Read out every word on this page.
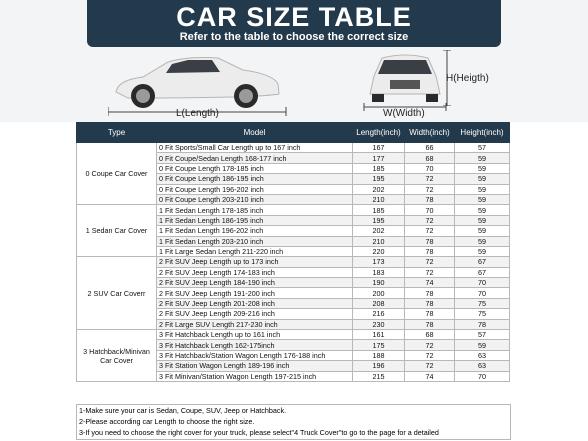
CAR SIZE TABLE
Refer to the table to choose the correct size
L(Length)
H(Heigth)
W(Width)
Type	Model	Length(inch)	Width(inch)	Height(inch)
0 Coupe Car Cover	0 Fit Sports/Small Car Length up to 167 inch	167	66	57
	0 Fit Coupe/Sedan Length 168-177 inch	177	68	59
	0 Fit Coupe Length 178-185 inch	185	70	59
	0 Fit Coupe Length 186-195 inch	195	72	59
	0 Fit Coupe Length 196-202 inch	202	72	59
	0 Fit Coupe Length 203-210 inch	210	78	59
1 Sedan Car Cover	1 Fit Sedan Length 178-185 inch	185	70	59
	1 Fit Sedan Length 186-195 inch	195	72	59
	1 Fit Sedan Length 196-202 inch	202	72	59
	1 Fit Sedan Length 203-210 inch	210	78	59
	1 Fit Large Sedan Length 211-220 inch	220	78	59
2 SUV Car Coverr	2 Fit SUV Jeep Length up to 173 inch	173	72	67
	2 Fit SUV Jeep Length 174-183 inch	183	72	67
	2 Fit SUV Jeep Length 184-190 inch	190	74	70
	2 Fit SUV Jeep Length 191-200 inch	200	78	70
	2 Fit SUV Jeep Length 201-208 inch	208	78	75
	2 Fit SUV Jeep Length 209-216 inch	216	78	75
	2 Fit Large SUV Length 217-230 inch	230	78	78
3 Hatchback/Minivan Car Cover	3 Fit Hatchback Length up to 161 inch	161	68	57
	3 Fit Hatchback Length 162-175inch	175	72	59
	3 Fit Hatchback/Station Wagon Length 176-188 inch	188	72	63
	3 Fit Station Wagon Length 189-196 inch	196	72	63
	3 Fit Minivan/Station Wagon Length 197-215 inch	215	74	70
1-Make sure your car is Sedan, Coupe, SUV, Jeep or Hatchback.
2-Please according car Length to choose the right size.
3-If you need to choose the right cover for your truck, please select"4 Truck Cover"to go to the page for a detailed
